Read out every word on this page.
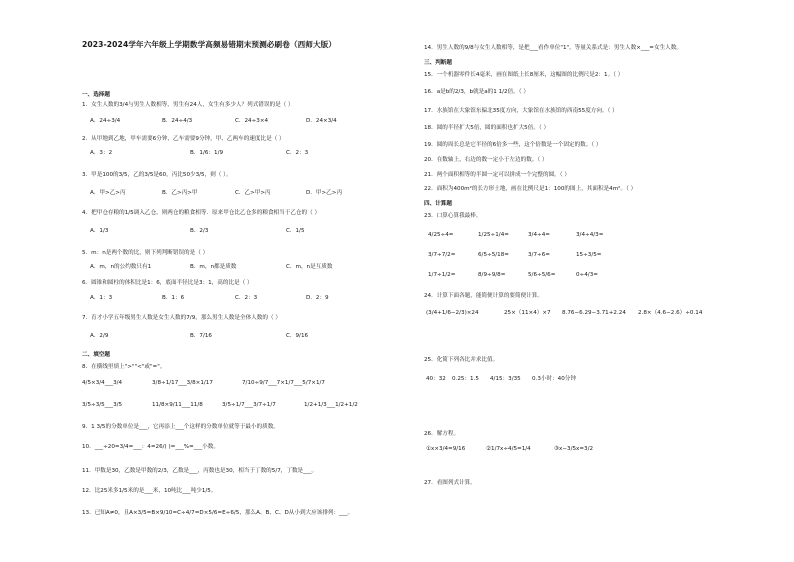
2023-2024学年六年级上学期数学高频易错期末预测必刷卷（西师大版）
一、选择题
1．女生人数的3/4与男生人数相等，男生有24人，女生有多少人？列式错误的是（ ）
A．24÷3/4	B．24÷4/3	C．24÷3×4	D．24×3/4
2．从甲地到乙地，甲车需要6分钟，乙车需要9分钟，甲、乙两车的速度比是（ ）
A．3：2	B．1/6：1/9	C．2：3
3．甲是100的3/5，乙的3/5是60，丙比50少3/5，则（ ）。
A．甲>乙>丙	B．乙>丙>甲	C．乙>甲>丙	D．甲>乙>丙
4．把甲仓存粮的1/5调入乙仓，则两仓的粮食相等．原来甲仓比乙仓多的粮食相当于乙仓的（ ）
A．1/3	B．2/3	C．1/5
5．m：n是两个数的比，则下列判断错误的是（ ）
A．m，n的公约数只有1	B．m，n都是质数	C．m，n是互质数
6．圆锥和圆柱的体积比是1：6，底面半径比是3：1，高的比是（ ）
A．1：3	B．1：6	C．2：3	D．2：9
7．育才小学五年级男生人数是女生人数的7/9，那么男生人数是全体人数的（ ）
A．2/9	B．7/16	C．9/16
二、填空题
8．在横线里填上">""<"或"="。
4/5×3/4___3/4	3/8÷1/17___3/8×1/17	7/10÷9/7___7×1/7___5/7×1/7
3/5÷3/5___3/5	11/8×9/11___11/8	3/5÷1/7___3/7÷1/7	1/2+1/3___1/2+1/2
9．1 3/5的分数单位是___，它再添上___个这样的分数单位就等于最小的质数。
10．___÷20=3/4=___：4=26/( )=___%=___小数。
11．甲数是30，乙数是甲数的2/3，乙数是___，丙数也是30，相当于丁数的5/7，丁数是___。
12．比25米多1/5米的是___米，10吨比___吨少1/5。
13．已知A≠0，且A×3/5=B×9/10=C÷4/7=D×5/6=E÷6/5，那么A、B、C、D从小到大应该排列：___。
14．男生人数的9/8与女生人数相等，是把___看作单位"1"，等量关系式是：男生人数×___=女生人数。
三、判断题
15．一个机器零件长4毫米，画在图纸上长8厘米，这幅图的比例尺是2：1。（ ）
16．a是b的2/3，b就是a的1 1/2倍。（ ）
17．水族馆在大象馆东偏北35度方向，大象馆在水族馆的西南55度方向。（ ）
18．圆的半径扩大5倍，圆的面积也扩大5倍。（ ）
19．圆的周长总是它半径的6倍多一些，这个倍数是一个固定的数。（ ）
20．在数轴上，右边的数一定小于左边的数。（ ）
21．两个面积相等的半圆一定可以拼成一个完整的圆。（ ）
22．面积为400m²的长方形土地，画在比例尺是1：100的图上，其面积是4m²。（ ）
四、计算题
23．口算心算我最棒。
4/25÷4=	1/25÷1/4=	3/4÷4=	3/4÷4/3=
3/7÷7/2=	6/5÷5/18=	3/7÷6=	15÷3/5=
1/7÷1/2=	8/9÷9/8=	5/6÷5/6=	0÷4/3=
24．计算下面各题，能简便计算的要简便计算。
(3/4+1/6−2/3)×24	25×（11×4）×7 8.76−6.29−3.71+2.24 2.8×（4.6−2.6）÷0.14
25．化简下列各比并求比值。
40：32 0.25：1.5 4/15：3/35 0.3小时：40分钟
26．解方程。
①x×3/4=9/16	②1/7x÷4/5=1/4	③x−3/5x=3/2
27．看图列式计算。
